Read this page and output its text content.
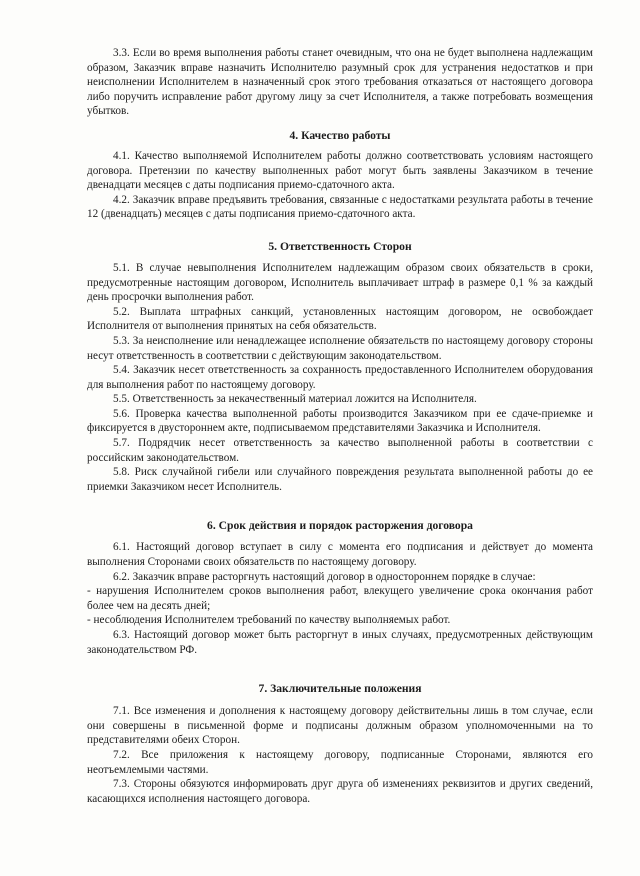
3.3. Если во время выполнения работы станет очевидным, что она не будет выполнена надлежащим образом, Заказчик вправе назначить Исполнителю разумный срок для устранения недостатков и при неисполнении Исполнителем в назначенный срок этого требования отказаться от настоящего договора либо поручить исправление работ другому лицу за счет Исполнителя, а также потребовать возмещения убытков.

4. Качество работы

4.1. Качество выполняемой Исполнителем работы должно соответствовать условиям настоящего договора. Претензии по качеству выполненных работ могут быть заявлены Заказчиком в течение двенадцати месяцев с даты подписания приемо-сдаточного акта.

4.2. Заказчик вправе предъявить требования, связанные с недостатками результата работы в течение 12 (двенадцать) месяцев с даты подписания приемо-сдаточного акта.

5. Ответственность Сторон

5.1. В случае невыполнения Исполнителем надлежащим образом своих обязательств в сроки, предусмотренные настоящим договором, Исполнитель выплачивает штраф в размере 0,1 % за каждый день просрочки выполнения работ.

5.2. Выплата штрафных санкций, установленных настоящим договором, не освобождает Исполнителя от выполнения принятых на себя обязательств.

5.3. За неисполнение или ненадлежащее исполнение обязательств по настоящему договору стороны несут ответственность в соответствии с действующим законодательством.

5.4. Заказчик несет ответственность за сохранность предоставленного Исполнителем оборудования для выполнения работ по настоящему договору.

5.5. Ответственность за некачественный материал ложится на Исполнителя.

5.6. Проверка качества выполненной работы производится Заказчиком при ее сдаче-приемке и фиксируется в двустороннем акте, подписываемом представителями Заказчика и Исполнителя.

5.7. Подрядчик несет ответственность за качество выполненной работы в соответствии с российским законодательством.

5.8. Риск случайной гибели или случайного повреждения результата выполненной работы до ее приемки Заказчиком несет Исполнитель.

6. Срок действия и порядок расторжения договора

6.1. Настоящий договор вступает в силу с момента его подписания и действует до момента выполнения Сторонами своих обязательств по настоящему договору.

6.2. Заказчик вправе расторгнуть настоящий договор в одностороннем порядке в случае:

- нарушения Исполнителем сроков выполнения работ, влекущего увеличение срока окончания работ более чем на десять дней;

- несоблюдения Исполнителем требований по качеству выполняемых работ.

6.3. Настоящий договор может быть расторгнут в иных случаях, предусмотренных действующим законодательством РФ.

7. Заключительные положения

7.1. Все изменения и дополнения к настоящему договору действительны лишь в том случае, если они совершены в письменной форме и подписаны должным образом уполномоченными на то представителями обеих Сторон.

7.2. Все приложения к настоящему договору, подписанные Сторонами, являются его неотъемлемыми частями.

7.3. Стороны обязуются информировать друг друга об изменениях реквизитов и других сведений, касающихся исполнения настоящего договора.
